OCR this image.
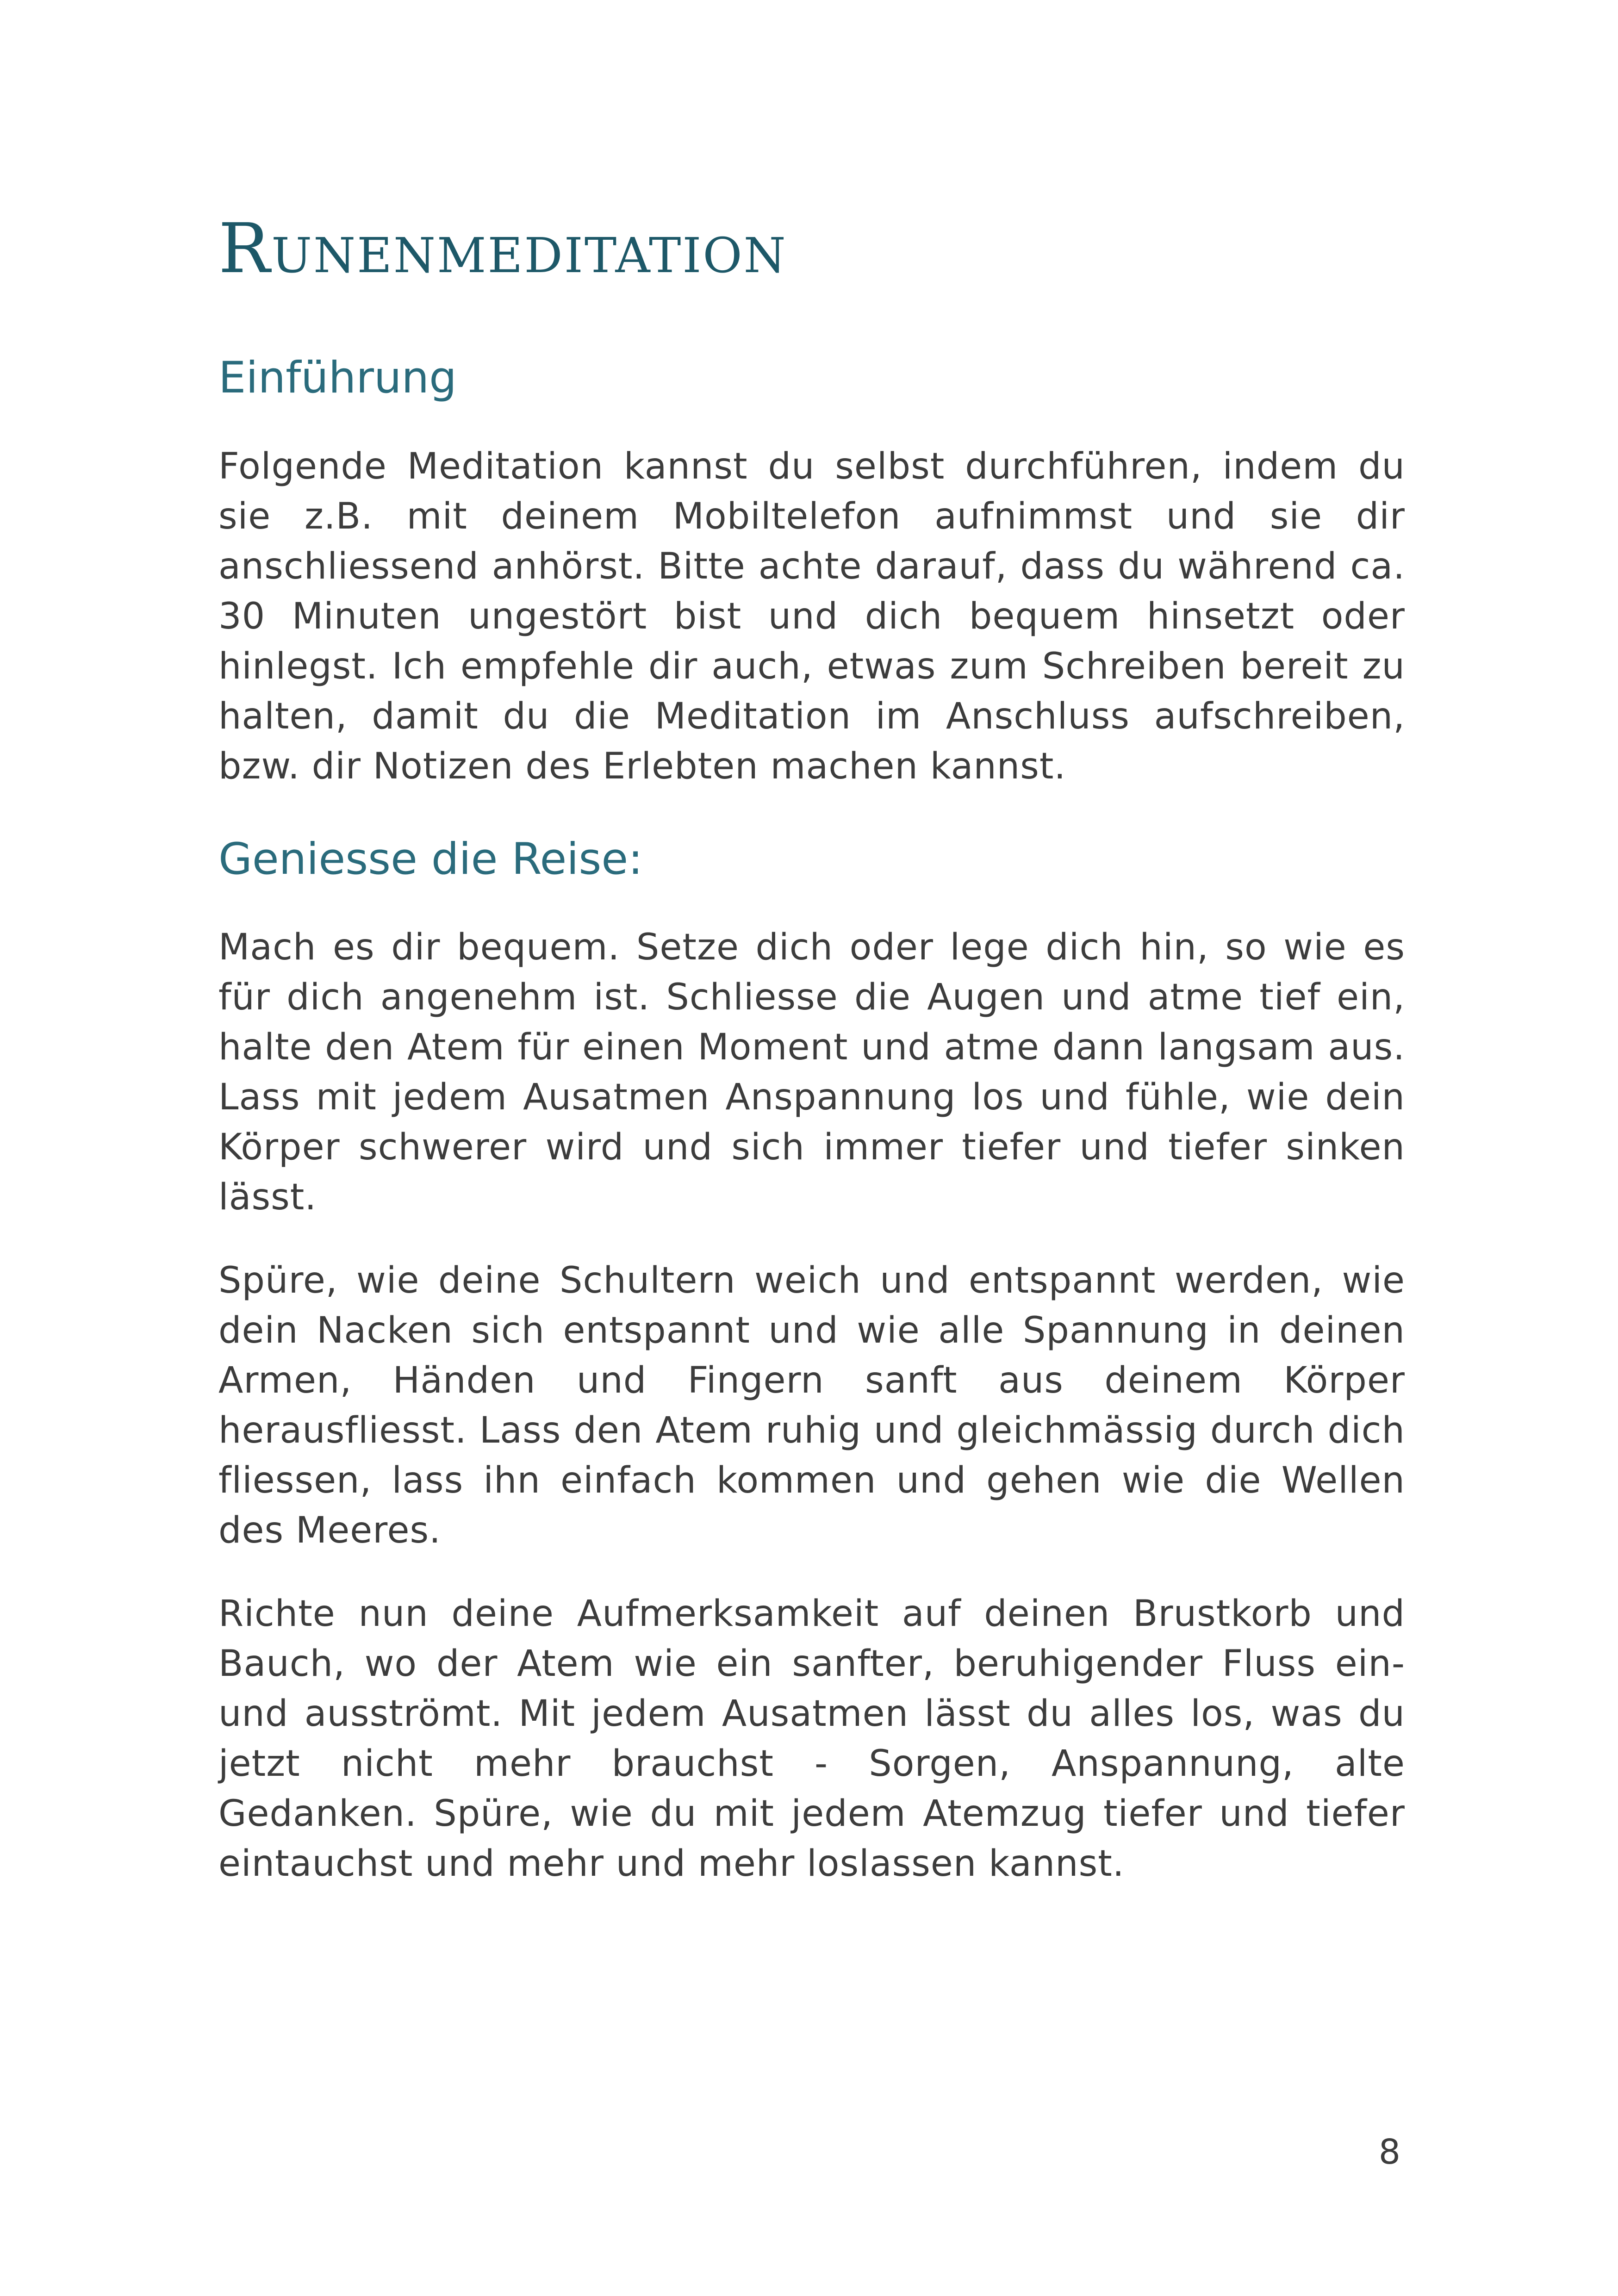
Runenmeditation
Einführung

Folgende Meditation kannst du selbst durchführen, indem du sie z.B. mit deinem Mobiltelefon aufnimmst und sie dir anschliessend anhörst. Bitte achte darauf, dass du während ca. 30 Minuten ungestört bist und dich bequem hinsetzt oder hinlegst. Ich empfehle dir auch, etwas zum Schreiben bereit zu halten, damit du die Meditation im Anschluss aufschreiben, bzw. dir Notizen des Erlebten machen kannst.

Geniesse die Reise:

Mach es dir bequem. Setze dich oder lege dich hin, so wie es für dich angenehm ist. Schliesse die Augen und atme tief ein, halte den Atem für einen Moment und atme dann langsam aus. Lass mit jedem Ausatmen Anspannung los und fühle, wie dein Körper schwerer wird und sich immer tiefer und tiefer sinken lässt.

Spüre, wie deine Schultern weich und entspannt werden, wie dein Nacken sich entspannt und wie alle Spannung in deinen Armen, Händen und Fingern sanft aus deinem Körper herausfliesst. Lass den Atem ruhig und gleichmässig durch dich fliessen, lass ihn einfach kommen und gehen wie die Wellen des Meeres.

Richte nun deine Aufmerksamkeit auf deinen Brustkorb und Bauch, wo der Atem wie ein sanfter, beruhigender Fluss ein- und ausströmt. Mit jedem Ausatmen lässt du alles los, was du jetzt nicht mehr brauchst - Sorgen, Anspannung, alte Gedanken. Spüre, wie du mit jedem Atemzug tiefer und tiefer eintauchst und mehr und mehr loslassen kannst.

8
